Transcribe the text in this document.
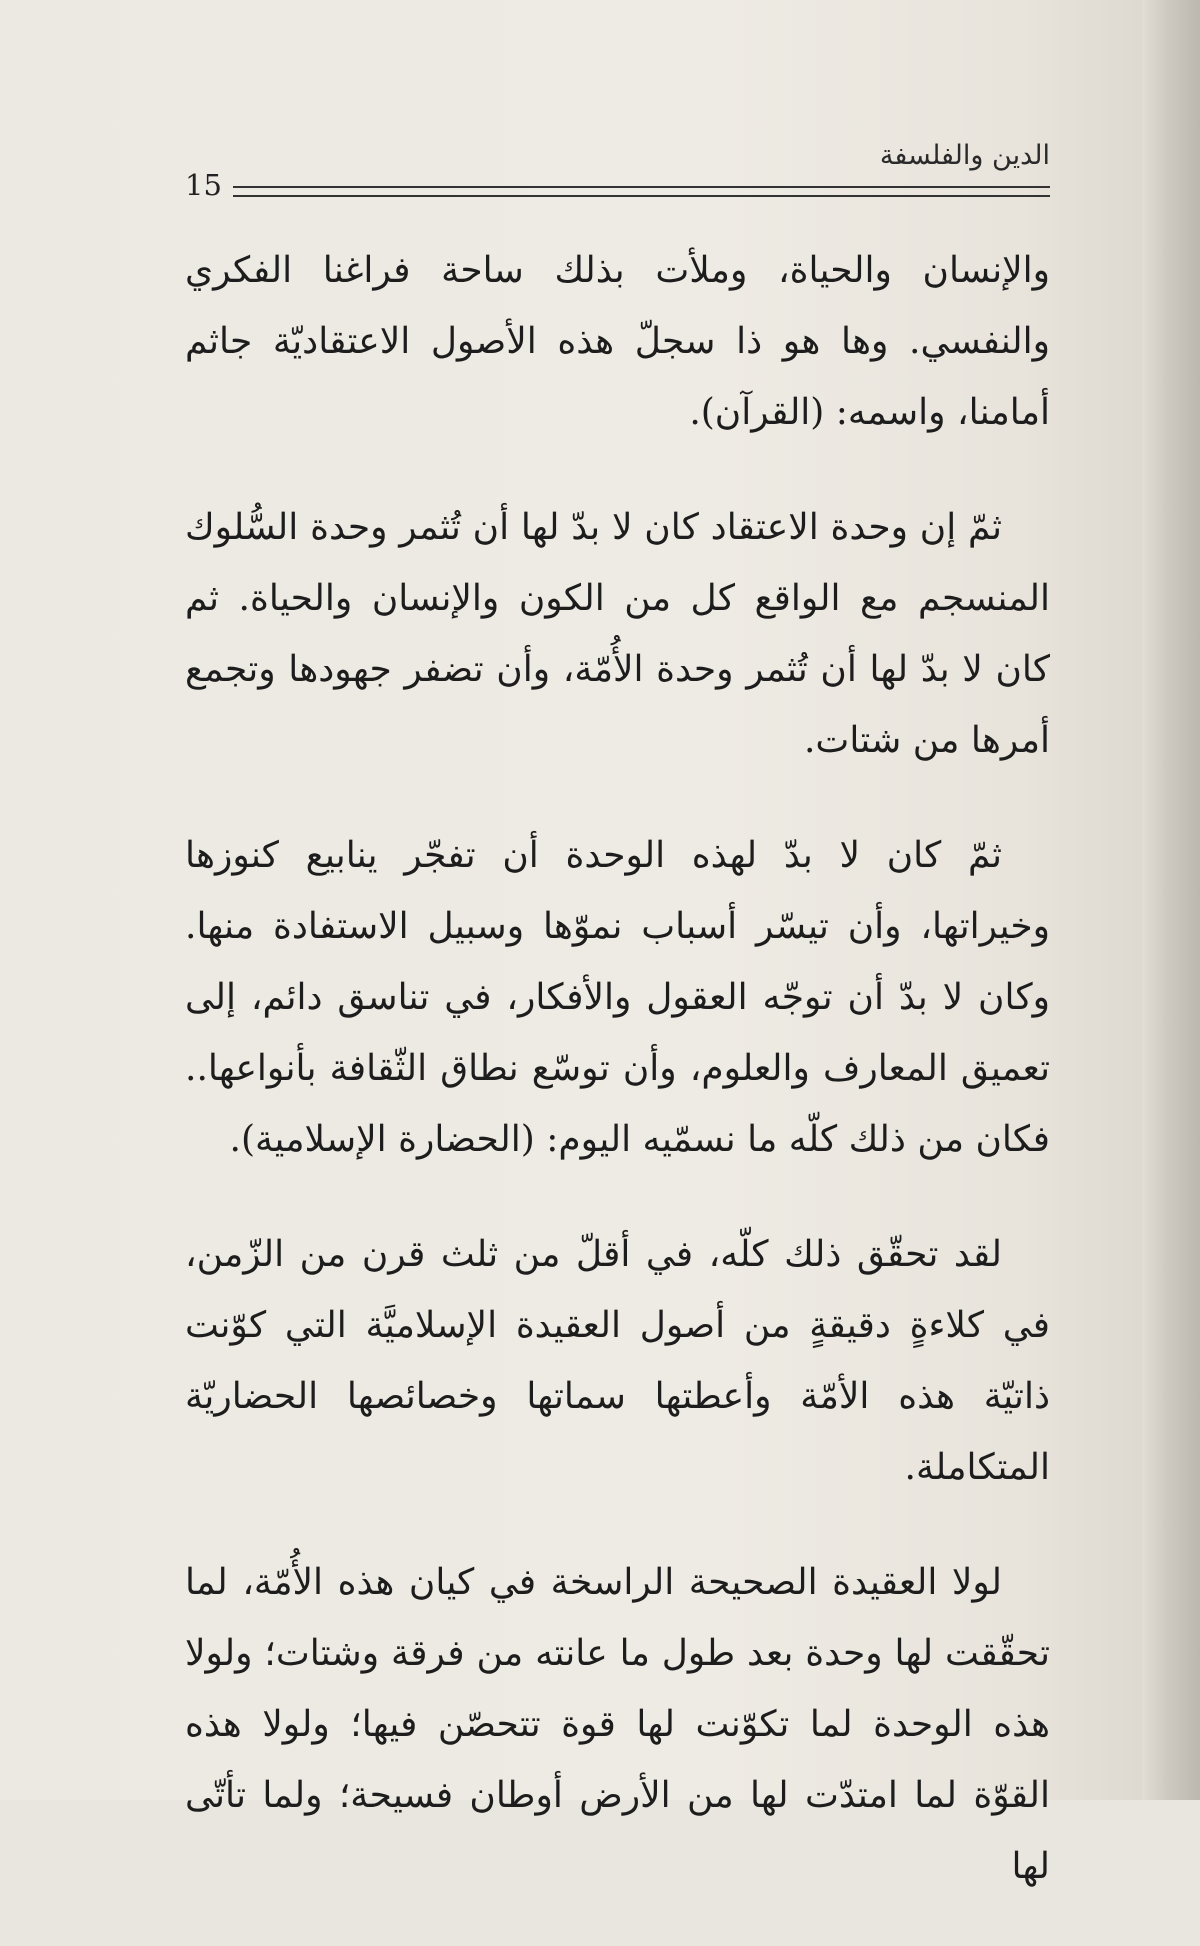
الدين والفلسفة
15

والإنسان والحياة، وملأت بذلك ساحة فراغنا الفكري والنفسي. وها هو ذا سجلّ هذه الأصول الاعتقاديّة جاثم أمامنا، واسمه: (القرآن).

ثمّ إن وحدة الاعتقاد كان لا بدّ لها أن تُثمر وحدة السُّلوك المنسجم مع الواقع كل من الكون والإنسان والحياة. ثم كان لا بدّ لها أن تُثمر وحدة الأُمّة، وأن تضفر جهودها وتجمع أمرها من شتات.

ثمّ كان لا بدّ لهذه الوحدة أن تفجّر ينابيع كنوزها وخيراتها، وأن تيسّر أسباب نموّها وسبيل الاستفادة منها. وكان لا بدّ أن توجّه العقول والأفكار، في تناسق دائم، إلى تعميق المعارف والعلوم، وأن توسّع نطاق الثّقافة بأنواعها.. فكان من ذلك كلّه ما نسمّيه اليوم: (الحضارة الإسلامية).

لقد تحقّق ذلك كلّه، في أقلّ من ثلث قرن من الزّمن، في كلاءةٍ دقيقةٍ من أصول العقيدة الإسلاميَّة التي كوّنت ذاتيّة هذه الأمّة وأعطتها سماتها وخصائصها الحضاريّة المتكاملة.

لولا العقيدة الصحيحة الراسخة في كيان هذه الأُمّة، لما تحقّقت لها وحدة بعد طول ما عانته من فرقة وشتات؛ ولولا هذه الوحدة لما تكوّنت لها قوة تتحصّن فيها؛ ولولا هذه القوّة لما امتدّت لها من الأرض أوطان فسيحة؛ ولما تأتّى لها
